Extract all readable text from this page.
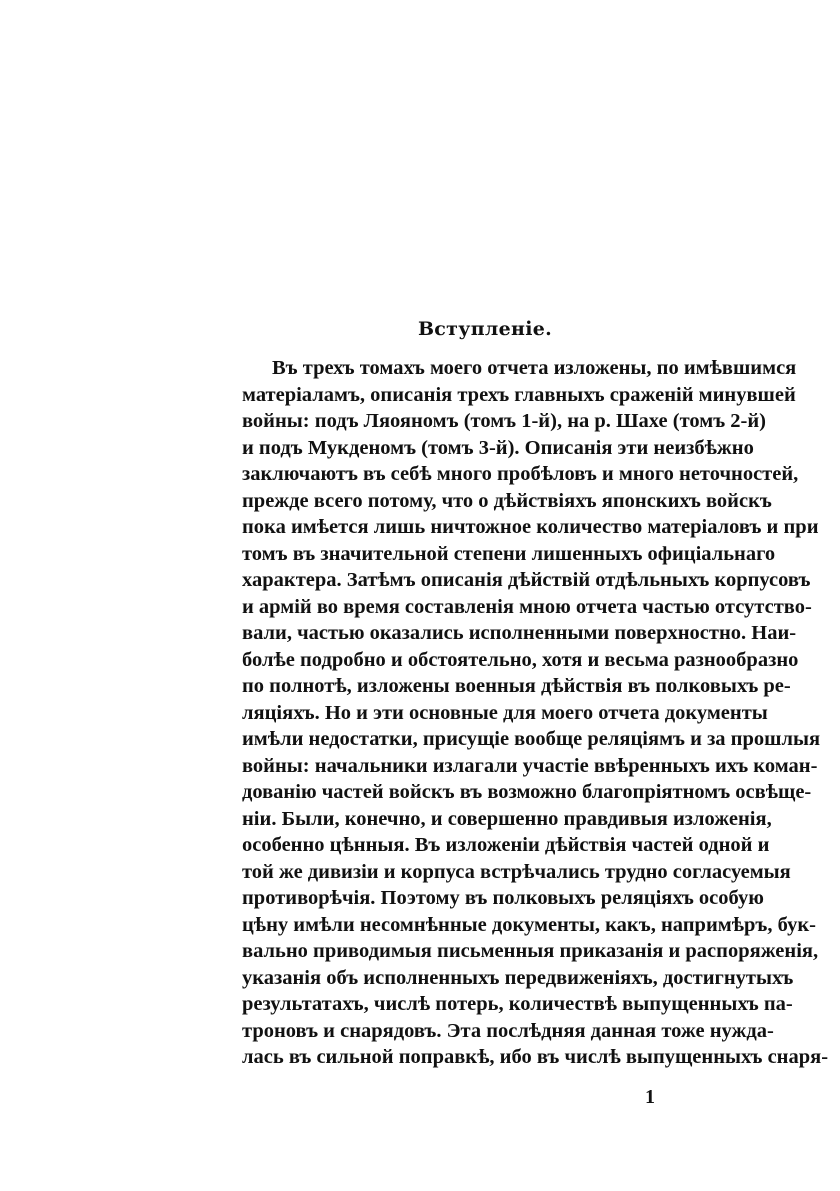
Вступленіе.
Въ трехъ томахъ моего отчета изложены, по имѣвшимся
матеріаламъ, описанія трехъ главныхъ сраженій минувшей
войны: подъ Ляояномъ (томъ 1-й), на р. Шахе (томъ 2-й)
и подъ Мукденомъ (томъ 3-й). Описанія эти неизбѣжно
заключаютъ въ себѣ много пробѣловъ и много неточностей,
прежде всего потому, что о дѣйствіяхъ японскихъ войскъ
пока имѣется лишь ничтожное количество матеріаловъ и при
томъ въ значительной степени лишенныхъ офиціальнаго
характера. Затѣмъ описанія дѣйствій отдѣльныхъ корпусовъ
и армій во время составленія мною отчета частью отсутство-
вали, частью оказались исполненными поверхностно. Наи-
болѣе подробно и обстоятельно, хотя и весьма разнообразно
по полнотѣ, изложены военныя дѣйствія въ полковыхъ ре-
ляціяхъ. Но и эти основные для моего отчета документы
имѣли недостатки, присущіе вообще реляціямъ и за прошлыя
войны: начальники излагали участіе ввѣренныхъ ихъ коман-
дованію частей войскъ въ возможно благопріятномъ освѣще-
ніи. Были, конечно, и совершенно правдивыя изложенія,
особенно цѣнныя. Въ изложеніи дѣйствія частей одной и
той же дивизіи и корпуса встрѣчались трудно согласуемыя
противорѣчія. Поэтому въ полковыхъ реляціяхъ особую
цѣну имѣли несомнѣнные документы, какъ, напримѣръ, бук-
вально приводимыя письменныя приказанія и распоряженія,
указанія объ исполненныхъ передвиженіяхъ, достигнутыхъ
результатахъ, числѣ потерь, количествѣ выпущенныхъ па-
троновъ и снарядовъ. Эта послѣдняя данная тоже нужда-
лась въ сильной поправкѣ, ибо въ числѣ выпущенныхъ снаря-
1
